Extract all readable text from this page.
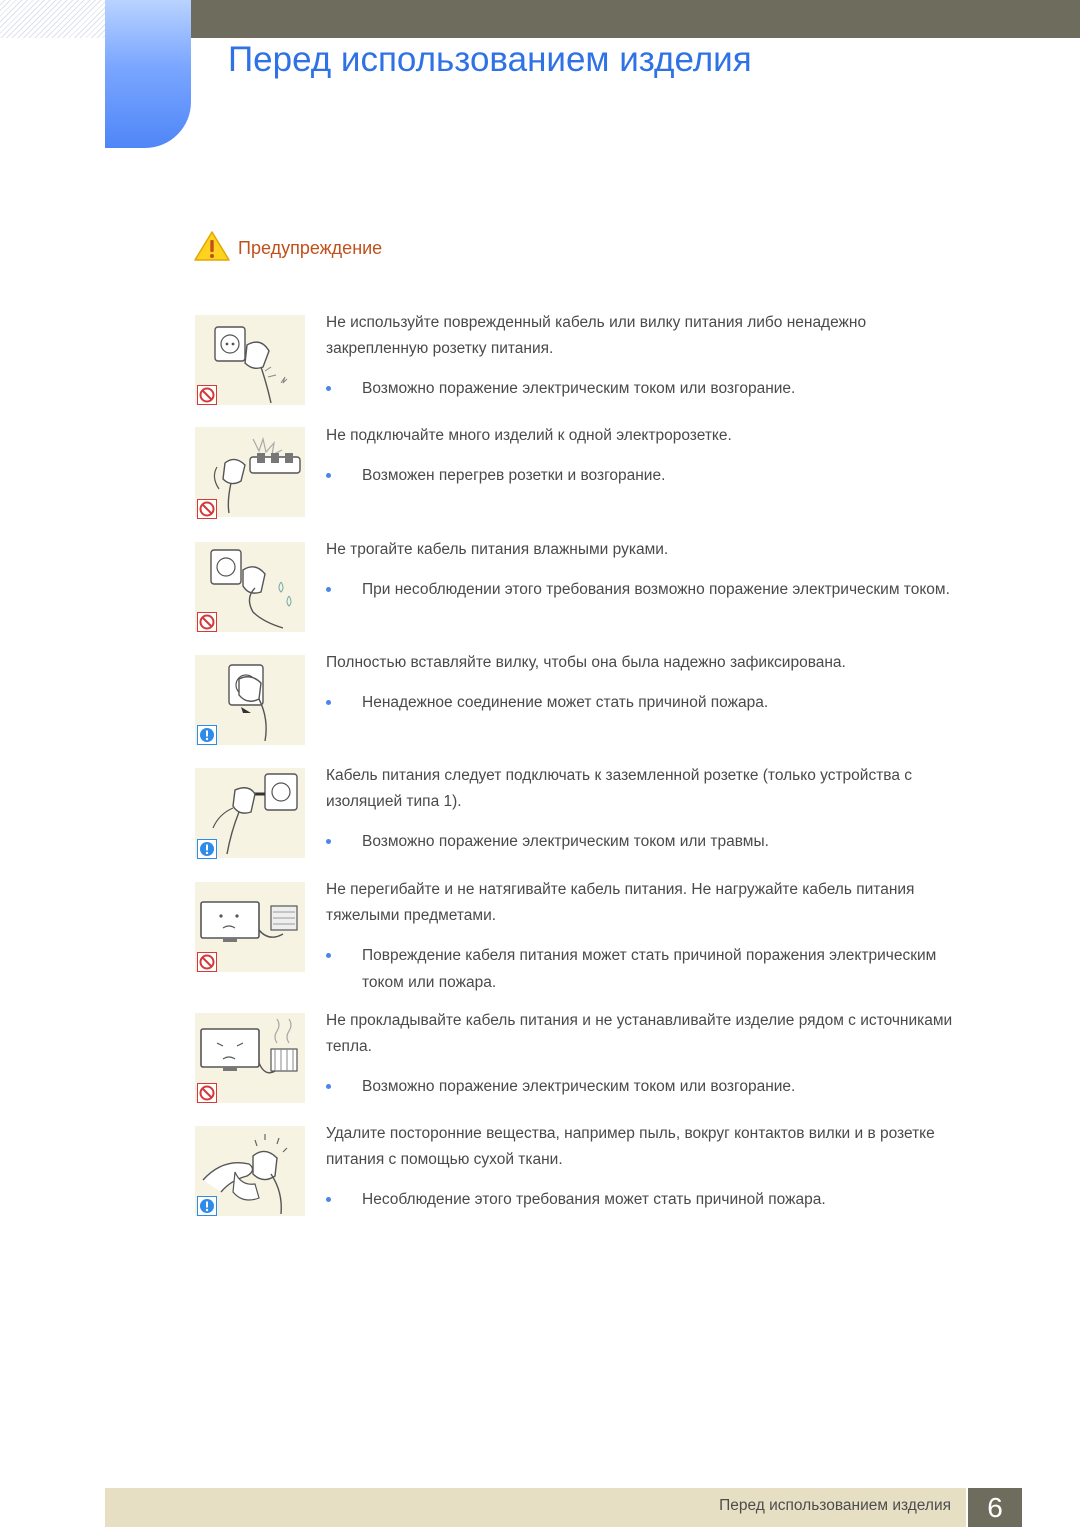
Перед использованием изделия
Предупреждение

Не используйте поврежденный кабель или вилку питания либо ненадежно закрепленную розетку питания.

Возможно поражение электрическим током или возгорание.

Не подключайте много изделий к одной электророзетке.

Возможен перегрев розетки и возгорание.

Не трогайте кабель питания влажными руками.

При несоблюдении этого требования возможно поражение электрическим током.

Полностью вставляйте вилку, чтобы она была надежно зафиксирована.

Ненадежное соединение может стать причиной пожара.

Кабель питания следует подключать к заземленной розетке (только устройства с изоляцией типа 1).

Возможно поражение электрическим током или травмы.

Не перегибайте и не натягивайте кабель питания. Не нагружайте кабель питания тяжелыми предметами.

Повреждение кабеля питания может стать причиной поражения электрическим током или пожара.

Не прокладывайте кабель питания и не устанавливайте изделие рядом с источниками тепла.

Возможно поражение электрическим током или возгорание.

Удалите посторонние вещества, например пыль, вокруг контактов вилки и в розетке питания с помощью сухой ткани.

Несоблюдение этого требования может стать причиной пожара.

Перед использованием изделия	6
